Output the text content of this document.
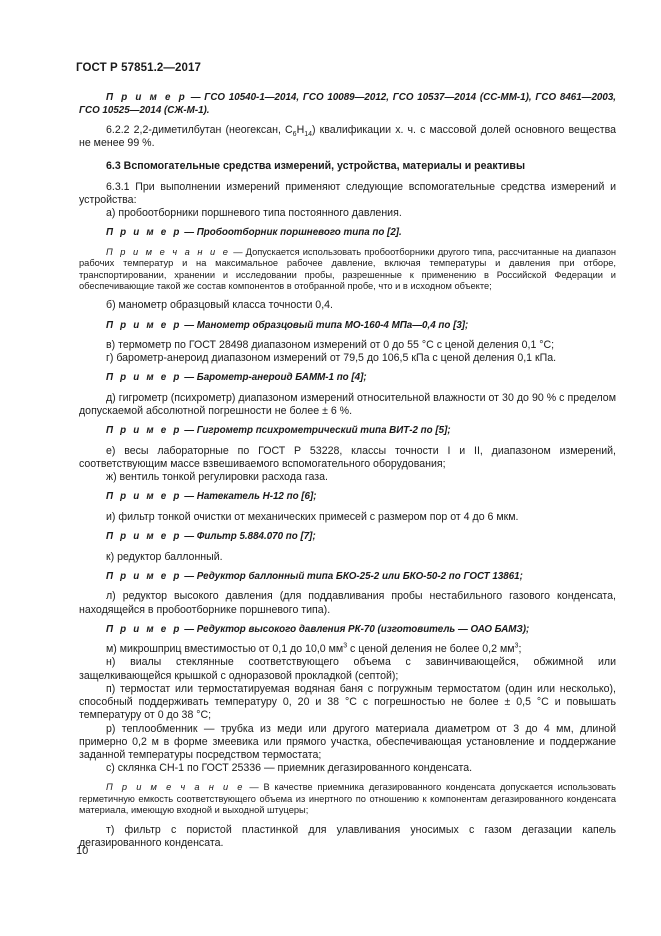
ГОСТ Р 57851.2—2017

П р и м е р — ГСО 10540-1—2014, ГСО 10089—2012, ГСО 10537—2014 (СС-ММ-1), ГСО 8461—2003, ГСО 10525—2014 (СЖ-М-1).

6.2.2 2,2-диметилбутан (неогексан, $C_6H_{14}$) квалификации х. ч. с массовой долей основного вещества не менее 99 %.

6.3 Вспомогательные средства измерений, устройства, материалы и реактивы

6.3.1 При выполнении измерений применяют следующие вспомогательные средства измерений и устройства:

а) пробоотборники поршневого типа постоянного давления.

П р и м е р — Пробоотборник поршневого типа по [2].

П р и м е ч а н и е — Допускается использовать пробоотборники другого типа, рассчитанные на диапазон рабочих температур и на максимальное рабочее давление, включая температуры и давления при отборе, транспортировании, хранении и исследовании пробы, разрешенные к применению в Российской Федерации и обеспечивающие такой же состав компонентов в отобранной пробе, что и в исходном объекте;

б) манометр образцовый класса точности 0,4.

П р и м е р — Манометр образцовый типа МО-160-4 МПа—0,4 по [3];

в) термометр по ГОСТ 28498 диапазоном измерений от 0 до 55 °С с ценой деления 0,1 °С;

г) барометр-анероид диапазоном измерений от 79,5 до 106,5 кПа с ценой деления 0,1 кПа.

П р и м е р — Барометр-анероид БАММ-1 по [4];

д) гигрометр (психрометр) диапазоном измерений относительной влажности от 30 до 90 % с пределом допускаемой абсолютной погрешности не более ± 6 %.

П р и м е р — Гигрометр психрометрический типа ВИТ-2 по [5];

е) весы лабораторные по ГОСТ Р 53228, классы точности I и II, диапазоном измерений, соответствующим массе взвешиваемого вспомогательного оборудования;

ж) вентиль тонкой регулировки расхода газа.

П р и м е р — Натекатель Н-12 по [6];

и) фильтр тонкой очистки от механических примесей с размером пор от 4 до 6 мкм.

П р и м е р — Фильтр 5.884.070 по [7];

к) редуктор баллонный.

П р и м е р — Редуктор баллонный типа БКО-25-2 или БКО-50-2 по ГОСТ 13861;

л) редуктор высокого давления (для поддавливания пробы нестабильного газового конденсата, находящейся в пробоотборнике поршневого типа).

П р и м е р — Редуктор высокого давления РК-70 (изготовитель — ОАО БАМЗ);

м) микрошприц вместимостью от 0,1 до 10,0 $мм^3$ с ценой деления не более 0,2 $мм^3$;

н) виалы стеклянные соответствующего объема с завинчивающейся, обжимной или защелкивающейся крышкой с одноразовой прокладкой (септой);

п) термостат или термостатируемая водяная баня с погружным термостатом (один или несколько), способный поддерживать температуру 0, 20 и 38 °С с погрешностью не более ± 0,5 °С и повышать температуру от 0 до 38 °С;

р) теплообменник — трубка из меди или другого материала диаметром от 3 до 4 мм, длиной примерно 0,2 м в форме змеевика или прямого участка, обеспечивающая установление и поддержание заданной температуры посредством термостата;

с) склянка СН-1 по ГОСТ 25336 — приемник дегазированного конденсата.

П р и м е ч а н и е — В качестве приемника дегазированного конденсата допускается использовать герметичную емкость соответствующего объема из инертного по отношению к компонентам дегазированного конденсата материала, имеющую входной и выходной штуцеры;

т) фильтр с пористой пластинкой для улавливания уносимых с газом дегазации капель дегазированного конденсата.

10
